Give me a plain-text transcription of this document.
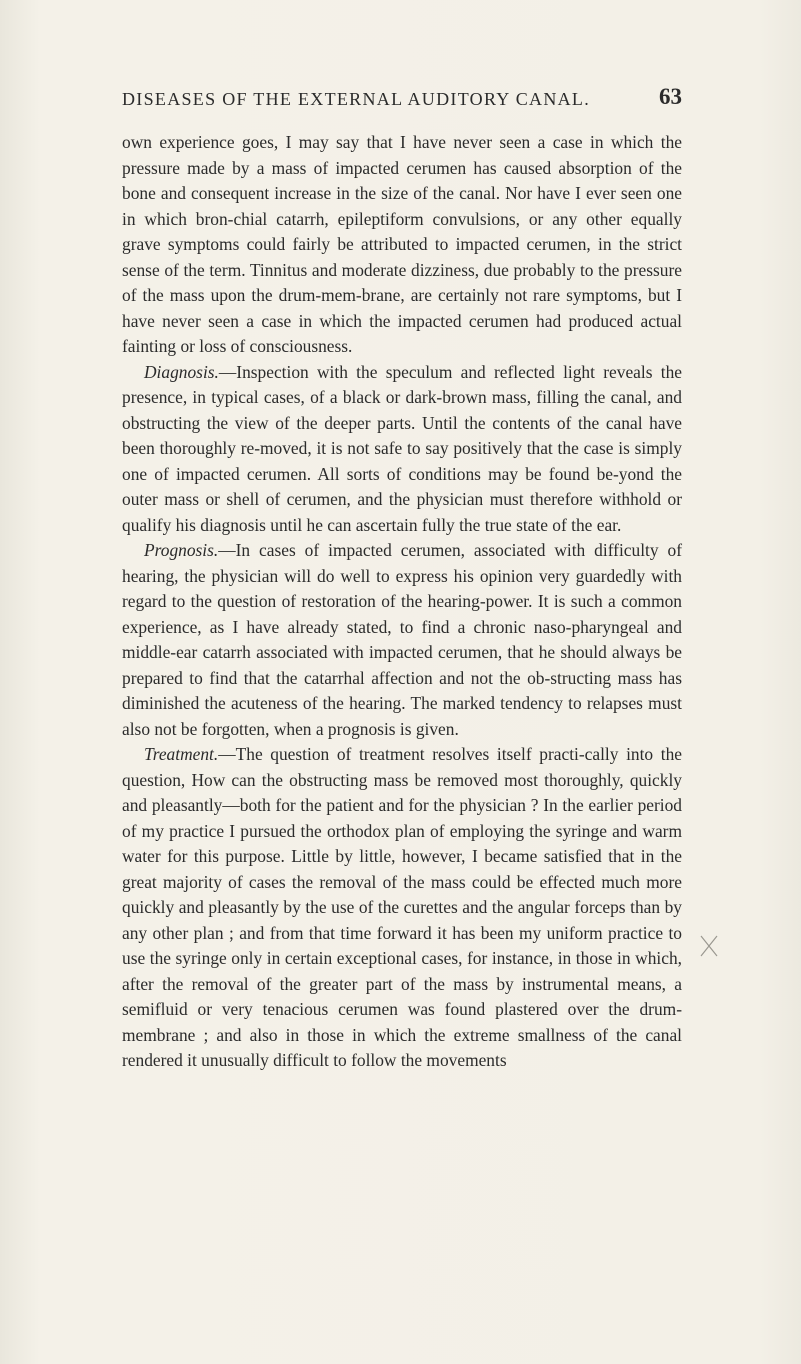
DISEASES OF THE EXTERNAL AUDITORY CANAL.	63

own experience goes, I may say that I have never seen a case in which the pressure made by a mass of impacted cerumen has caused absorption of the bone and consequent increase in the size of the canal. Nor have I ever seen one in which bron-chial catarrh, epileptiform convulsions, or any other equally grave symptoms could fairly be attributed to impacted cerumen, in the strict sense of the term. Tinnitus and moderate dizziness, due probably to the pressure of the mass upon the drum-mem-brane, are certainly not rare symptoms, but I have never seen a case in which the impacted cerumen had produced actual fainting or loss of consciousness.

Diagnosis.—Inspection with the speculum and reflected light reveals the presence, in typical cases, of a black or dark-brown mass, filling the canal, and obstructing the view of the deeper parts. Until the contents of the canal have been thoroughly re-moved, it is not safe to say positively that the case is simply one of impacted cerumen. All sorts of conditions may be found be-yond the outer mass or shell of cerumen, and the physician must therefore withhold or qualify his diagnosis until he can ascertain fully the true state of the ear.

Prognosis.—In cases of impacted cerumen, associated with difficulty of hearing, the physician will do well to express his opinion very guardedly with regard to the question of restoration of the hearing-power. It is such a common experience, as I have already stated, to find a chronic naso-pharyngeal and middle-ear catarrh associated with impacted cerumen, that he should always be prepared to find that the catarrhal affection and not the ob-structing mass has diminished the acuteness of the hearing. The marked tendency to relapses must also not be forgotten, when a prognosis is given.

Treatment.—The question of treatment resolves itself practi-cally into the question, How can the obstructing mass be removed most thoroughly, quickly and pleasantly—both for the patient and for the physician ? In the earlier period of my practice I pursued the orthodox plan of employing the syringe and warm water for this purpose. Little by little, however, I became satisfied that in the great majority of cases the removal of the mass could be effected much more quickly and pleasantly by the use of the curettes and the angular forceps than by any other plan ; and from that time forward it has been my uniform practice to use the syringe only in certain exceptional cases, for instance, in those in which, after the removal of the greater part of the mass by instrumental means, a semifluid or very tenacious cerumen was found plastered over the drum-membrane ; and also in those in which the extreme smallness of the canal rendered it unusually difficult to follow the movements
